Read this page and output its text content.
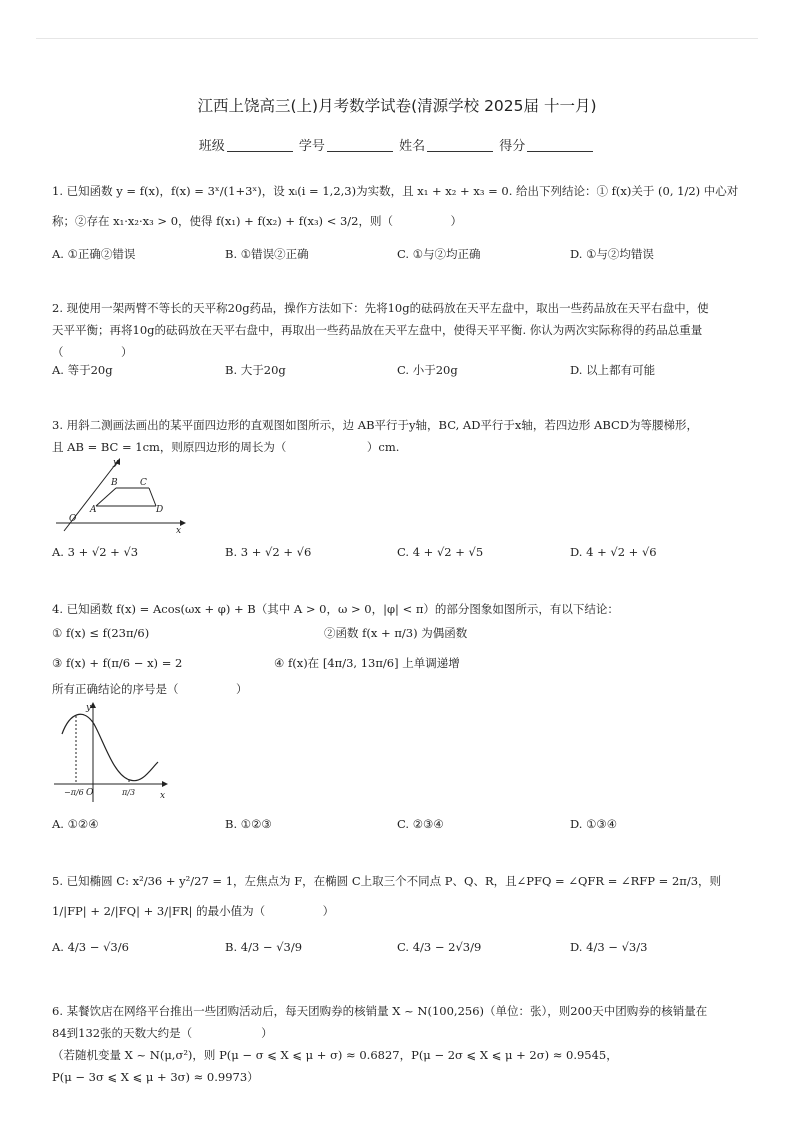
江西上饶高三(上)月考数学试卷(清源学校 2025届 十一月)
班级	学号	姓名	得分
1. 已知函数 y = f(x)，f(x) = 3ˣ/(1+3ˣ)，设 xᵢ(i = 1,2,3)为实数，且 x₁ + x₂ + x₃ = 0. 给出下列结论：① f(x)关于 (0, 1/2) 中心对
称；②存在 x₁·x₂·x₃ > 0，使得 f(x₁) + f(x₂) + f(x₃) < 3/2，则（　　　　　）
A. ①正确②错误	B. ①错误②正确	C. ①与②均正确	D. ①与②均错误
2. 现使用一架两臂不等长的天平称20g药品，操作方法如下：先将10g的砝码放在天平左盘中，取出一些药品放在天平右盘中，使
天平平衡；再将10g的砝码放在天平右盘中，再取出一些药品放在天平左盘中，使得天平平衡. 你认为两次实际称得的药品总重量
（　　　　　）
A. 等于20g	B. 大于20g	C. 小于20g	D. 以上都有可能
3. 用斜二测画法画出的某平面四边形的直观图如图所示，边 AB平行于y轴，BC, AD平行于x轴，若四边形 ABCD为等腰梯形，
且 AB = BC = 1cm，则原四边形的周长为（　　　　　　　）cm.
y
x
O
A
B C
D
A. 3 + √2 + √3	B. 3 + √2 + √6	C. 4 + √2 + √5	D. 4 + √2 + √6
4. 已知函数 f(x) = Acos(ωx + φ) + B（其中 A > 0，ω > 0，|φ| < π）的部分图象如图所示，有以下结论：
① f(x) ≤ f(23π/6)	②函数 f(x + π/3) 为偶函数
③ f(x) + f(π/6 − x) = 2	④ f(x)在 [4π/3, 13π/6] 上单调递增
所有正确结论的序号是（　　　　　）
y
x
O
−π/6	π/3
A. ①②④	B. ①②③	C. ②③④	D. ①③④
5. 已知椭圆 C: x²/36 + y²/27 = 1，左焦点为 F，在椭圆 C上取三个不同点 P、Q、R，且∠PFQ = ∠QFR = ∠RFP = 2π/3，则
1/|FP| + 2/|FQ| + 3/|FR| 的最小值为（　　　　　）
A. 4/3 − √3/6	B. 4/3 − √3/9	C. 4/3 − 2√3/9	D. 4/3 − √3/3
6. 某餐饮店在网络平台推出一些团购活动后，每天团购券的核销量 X ~ N(100,256)（单位：张），则200天中团购券的核销量在
84到132张的天数大约是（　　　　　　）
（若随机变量 X ~ N(μ,σ²)，则 P(μ − σ ⩽ X ⩽ μ + σ) ≈ 0.6827，P(μ − 2σ ⩽ X ⩽ μ + 2σ) ≈ 0.9545，
P(μ − 3σ ⩽ X ⩽ μ + 3σ) ≈ 0.9973）
